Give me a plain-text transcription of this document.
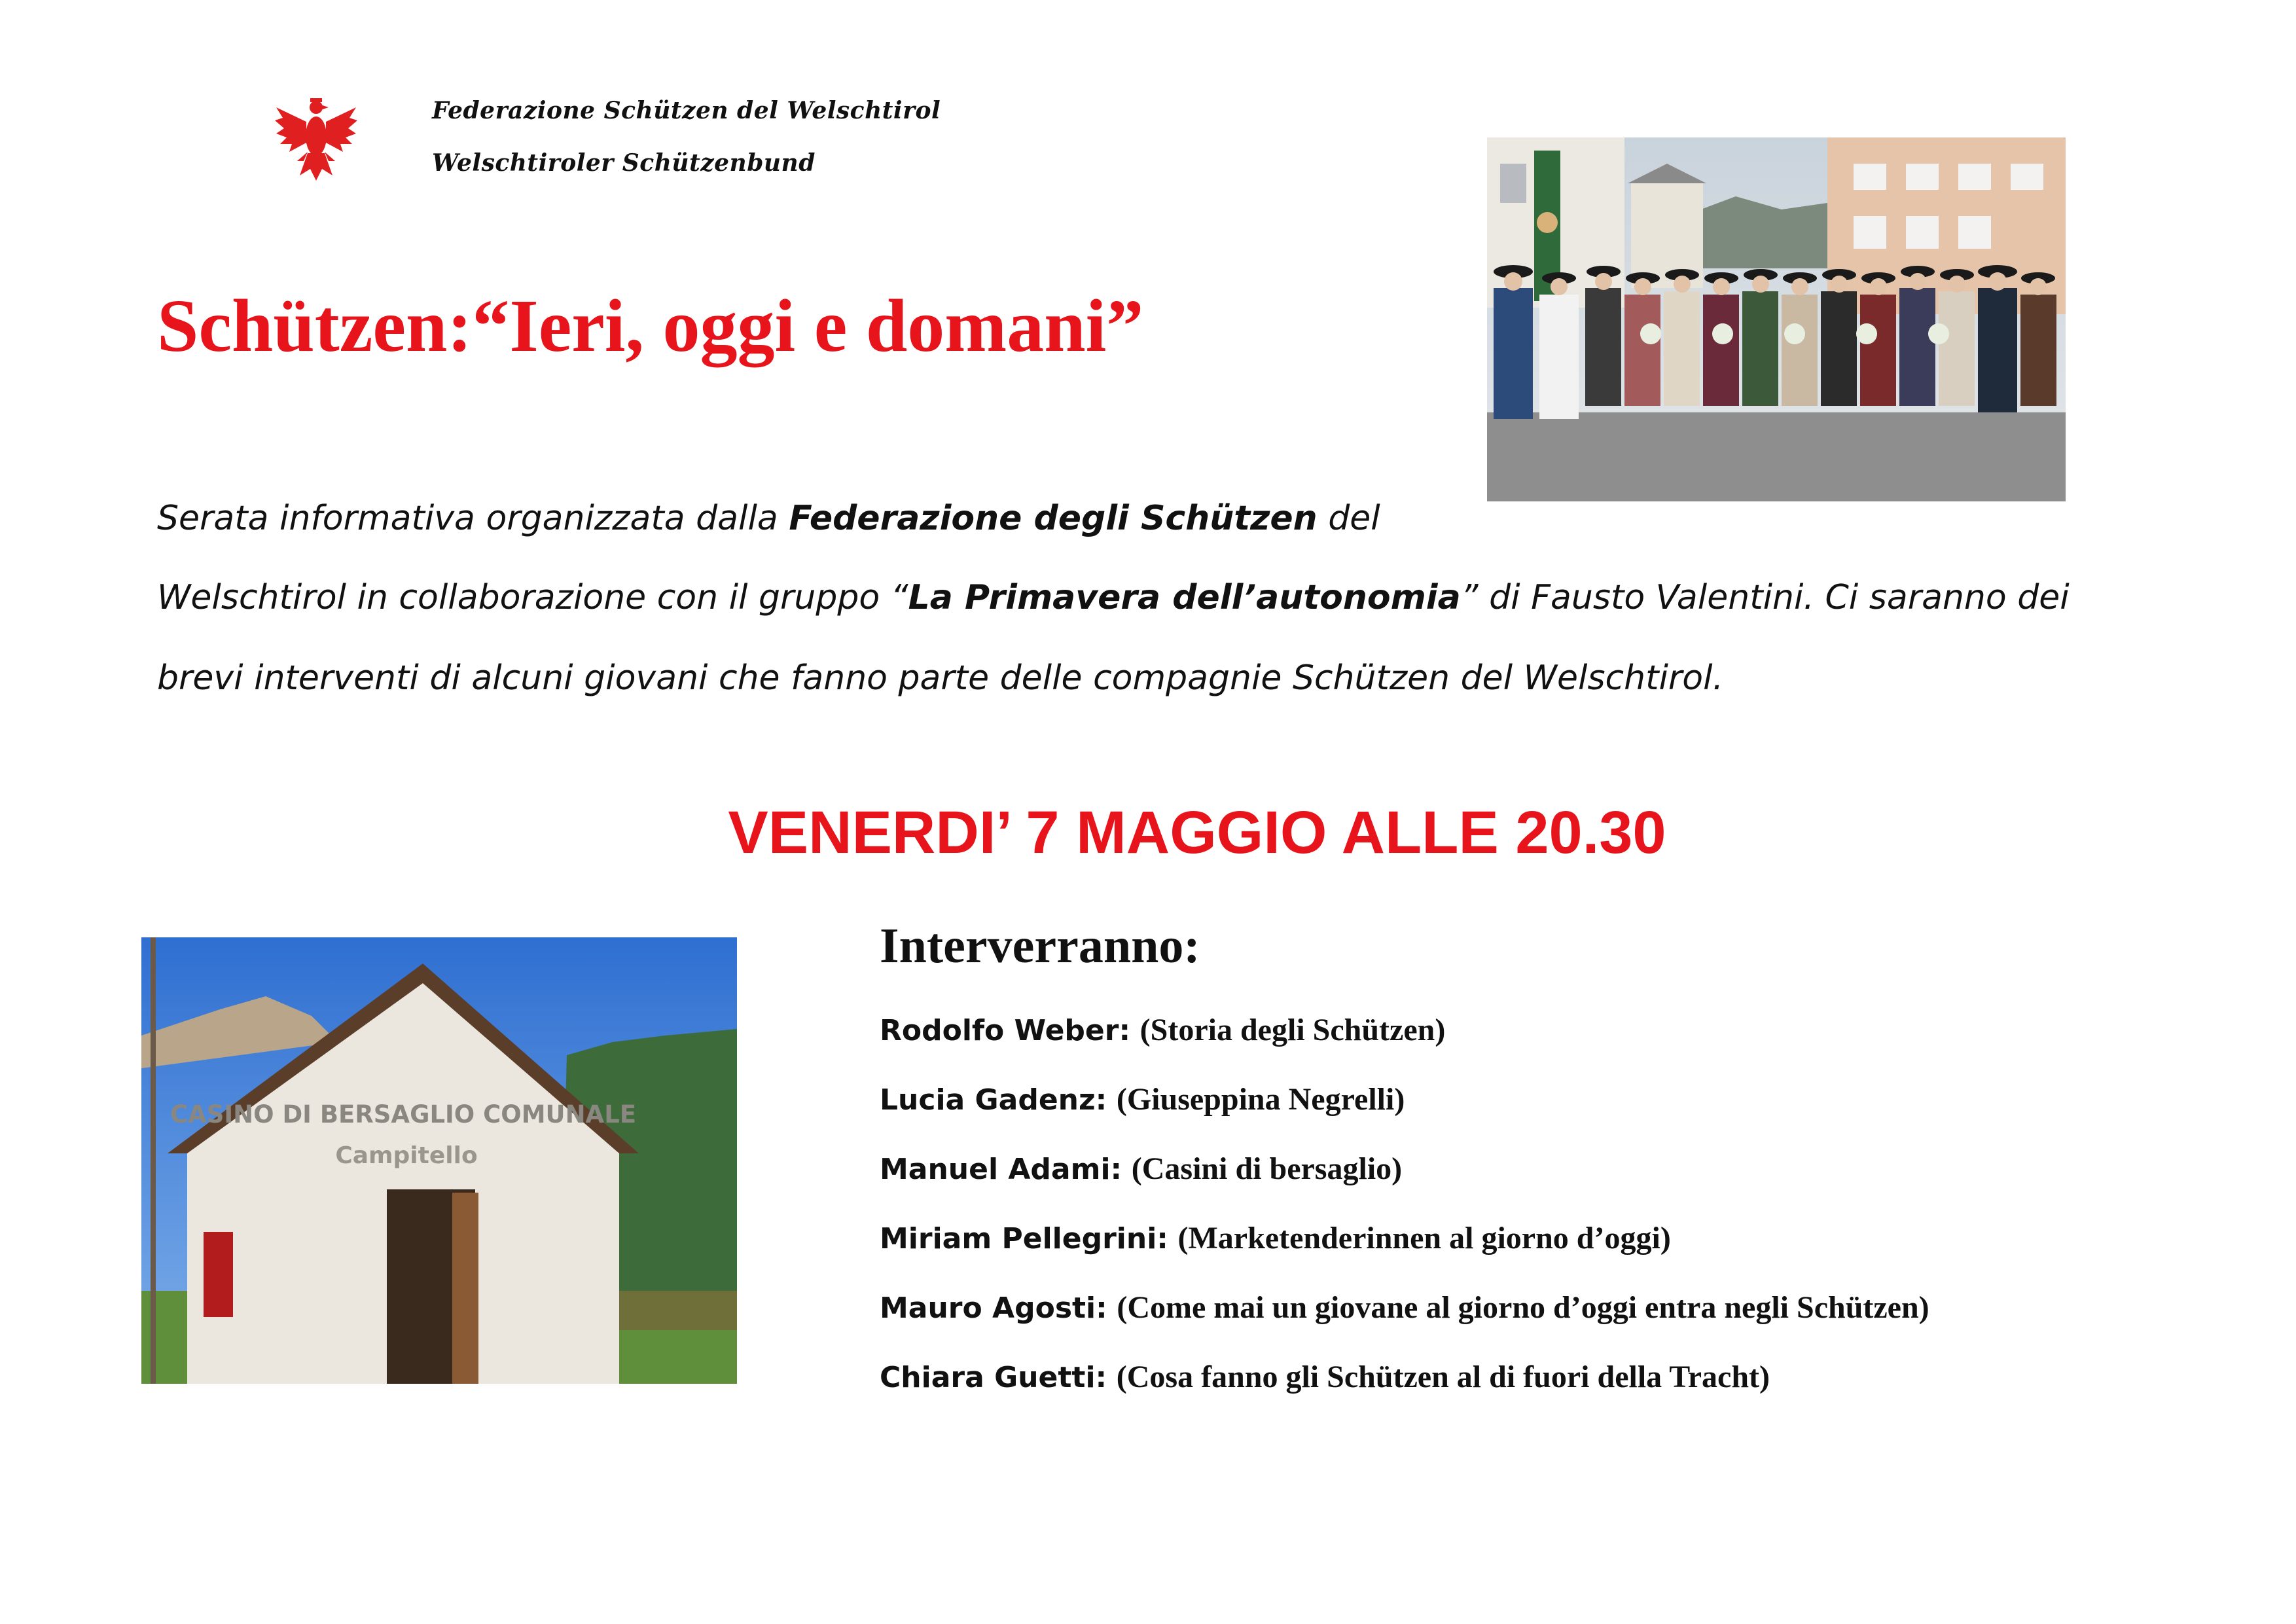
Federazione Schützen del Welschtirol
Welschtiroler Schützenbund
Schützen:“Ieri, oggi e domani”
Serata informativa organizzata dalla Federazione degli Schützen del
Welschtirol in collaborazione con il gruppo “La Primavera dell’autonomia” di Fausto Valentini. Ci saranno dei
brevi interventi di alcuni giovani che fanno parte delle compagnie Schützen del Welschtirol.
VENERDI’ 7 MAGGIO ALLE 20.30
CASINO DI BERSAGLIO COMUNALE
Campitello
Interverranno:
Rodolfo Weber: (Storia degli Schützen)
Lucia Gadenz: (Giuseppina Negrelli)
Manuel Adami: (Casini di bersaglio)
Miriam Pellegrini: (Marketenderinnen al giorno d’oggi)
Mauro Agosti: (Come mai un giovane al giorno d’oggi entra negli Schützen)
Chiara Guetti: (Cosa fanno gli Schützen al di fuori della Tracht)
